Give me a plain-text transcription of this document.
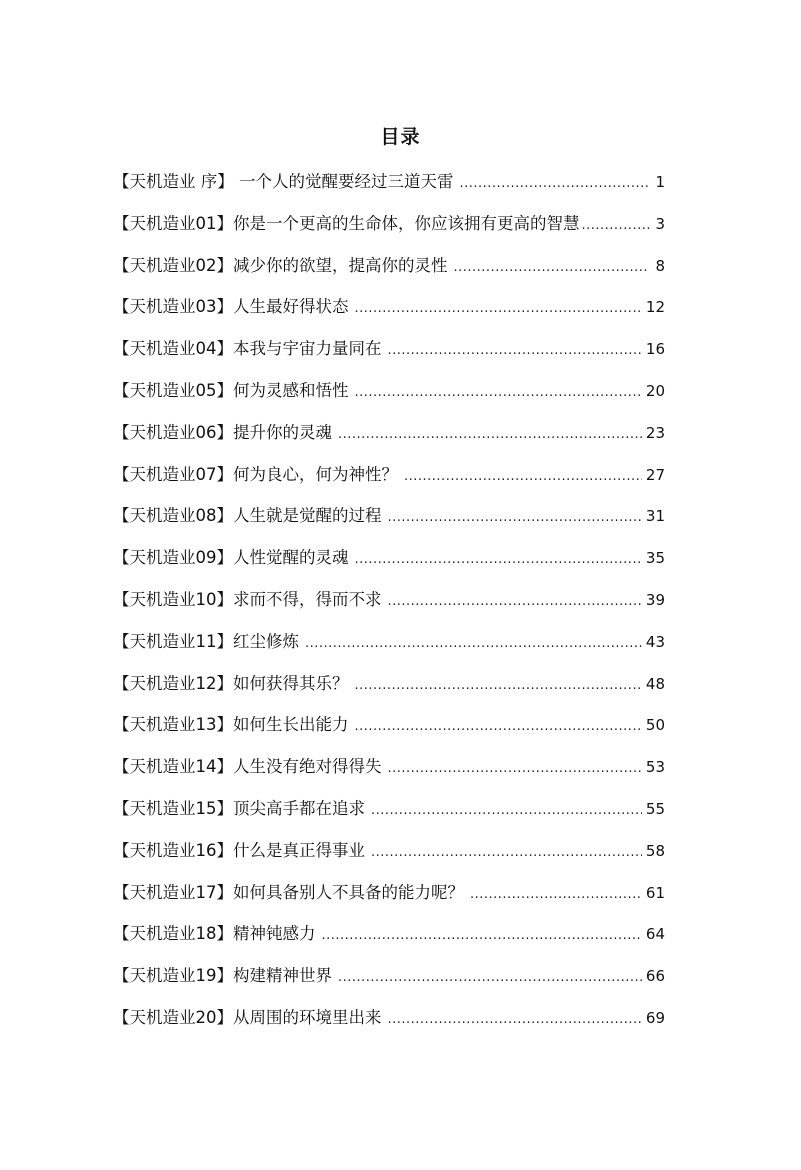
目录
【天机造业 序】 一个人的觉醒要经过三道天雷 .....	1
【天机造业01】你是一个更高的生命体，你应该拥有更高的智慧 .....	3
【天机造业02】减少你的欲望，提高你的灵性 .....	8
【天机造业03】人生最好得状态 .....	12
【天机造业04】本我与宇宙力量同在 .....	16
【天机造业05】何为灵感和悟性 .....	20
【天机造业06】提升你的灵魂 .....	23
【天机造业07】何为良心，何为神性？ .....	27
【天机造业08】人生就是觉醒的过程 .....	31
【天机造业09】人性觉醒的灵魂 .....	35
【天机造业10】求而不得，得而不求 .....	39
【天机造业11】红尘修炼 .....	43
【天机造业12】如何获得其乐？ .....	48
【天机造业13】如何生长出能力 .....	50
【天机造业14】人生没有绝对得得失 .....	53
【天机造业15】顶尖高手都在追求 .....	55
【天机造业16】什么是真正得事业 .....	58
【天机造业17】如何具备别人不具备的能力呢？ .....	61
【天机造业18】精神钝感力 .....	64
【天机造业19】构建精神世界 .....	66
【天机造业20】从周围的环境里出来 .....	69
